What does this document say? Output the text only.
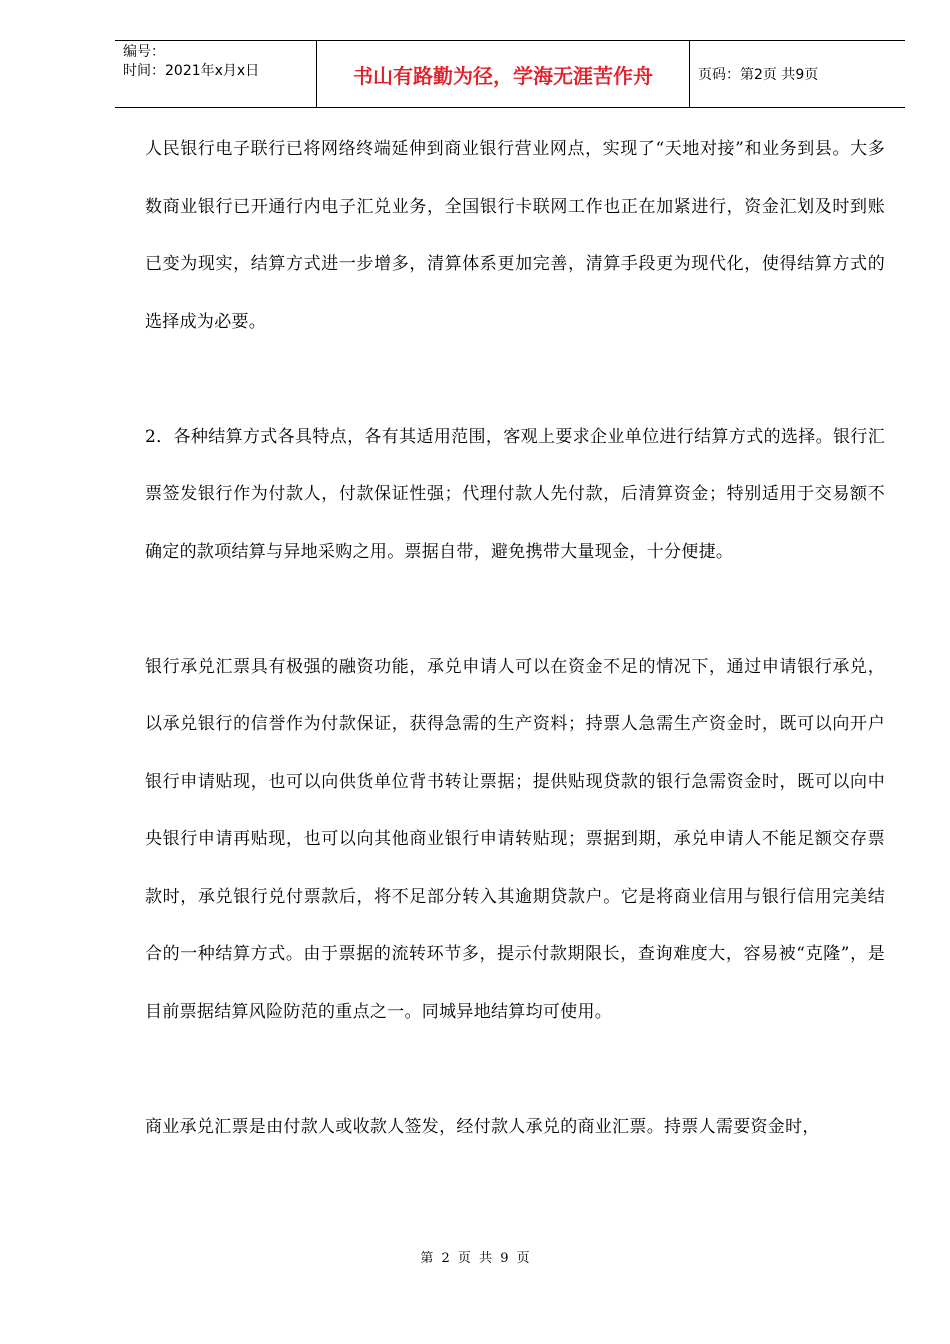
编号：
时间：2021年x月x日	书山有路勤为径，学海无涯苦作舟	页码：第2页 共9页

人民银行电子联行已将网络终端延伸到商业银行营业网点，实现了“天地对接”和业务到县。大多数商业银行已开通行内电子汇兑业务，全国银行卡联网工作也正在加紧进行，资金汇划及时到账已变为现实，结算方式进一步增多，清算体系更加完善，清算手段更为现代化，使得结算方式的选择成为必要。

2．各种结算方式各具特点，各有其适用范围，客观上要求企业单位进行结算方式的选择。银行汇票签发银行作为付款人，付款保证性强；代理付款人先付款，后清算资金；特别适用于交易额不确定的款项结算与异地采购之用。票据自带，避免携带大量现金，十分便捷。

银行承兑汇票具有极强的融资功能，承兑申请人可以在资金不足的情况下，通过申请银行承兑，以承兑银行的信誉作为付款保证，获得急需的生产资料；持票人急需生产资金时，既可以向开户银行申请贴现，也可以向供货单位背书转让票据；提供贴现贷款的银行急需资金时，既可以向中央银行申请再贴现，也可以向其他商业银行申请转贴现；票据到期，承兑申请人不能足额交存票款时，承兑银行兑付票款后，将不足部分转入其逾期贷款户。它是将商业信用与银行信用完美结合的一种结算方式。由于票据的流转环节多，提示付款期限长，查询难度大，容易被“克隆”，是目前票据结算风险防范的重点之一。同城异地结算均可使用。

商业承兑汇票是由付款人或收款人签发，经付款人承兑的商业汇票。持票人需要资金时，

第 2 页 共 9 页
